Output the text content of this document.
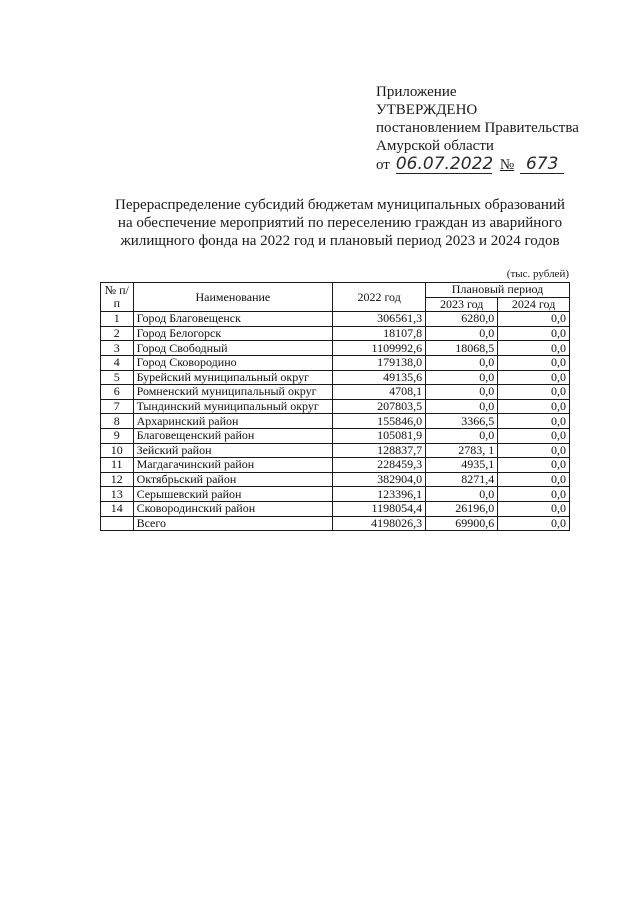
Приложение
УТВЕРЖДЕНО
постановлением Правительства
Амурской области
от 06.07.2022 № 673
Перераспределение субсидий бюджетам муниципальных образований на обеспечение мероприятий по переселению граждан из аварийного жилищного фонда на 2022 год и плановый период 2023 и 2024 годов
(тыс. рублей)
№ п/п	Наименование	2022 год	Плановый период	
			2023 год	2024 год
1	Город Благовещенск	306561,3	6280,0	0,0
2	Город Белогорск	18107,8	0,0	0,0
3	Город Свободный	1109992,6	18068,5	0,0
4	Город Сковородино	179138,0	0,0	0,0
5	Бурейский муниципальный округ	49135,6	0,0	0,0
6	Ромненский муниципальный округ	4708,1	0,0	0,0
7	Тындинский муниципальный округ	207803,5	0,0	0,0
8	Архаринский район	155846,0	3366,5	0,0
9	Благовещенский район	105081,9	0,0	0,0
10	Зейский район	128837,7	2783, 1	0,0
11	Магдагачинский район	228459,3	4935,1	0,0
12	Октябрьский район	382904,0	8271,4	0,0
13	Серышевский район	123396,1	0,0	0,0
14	Сковородинский район	1198054,4	26196,0	0,0
	Всего	4198026,3	69900,6	0,0
